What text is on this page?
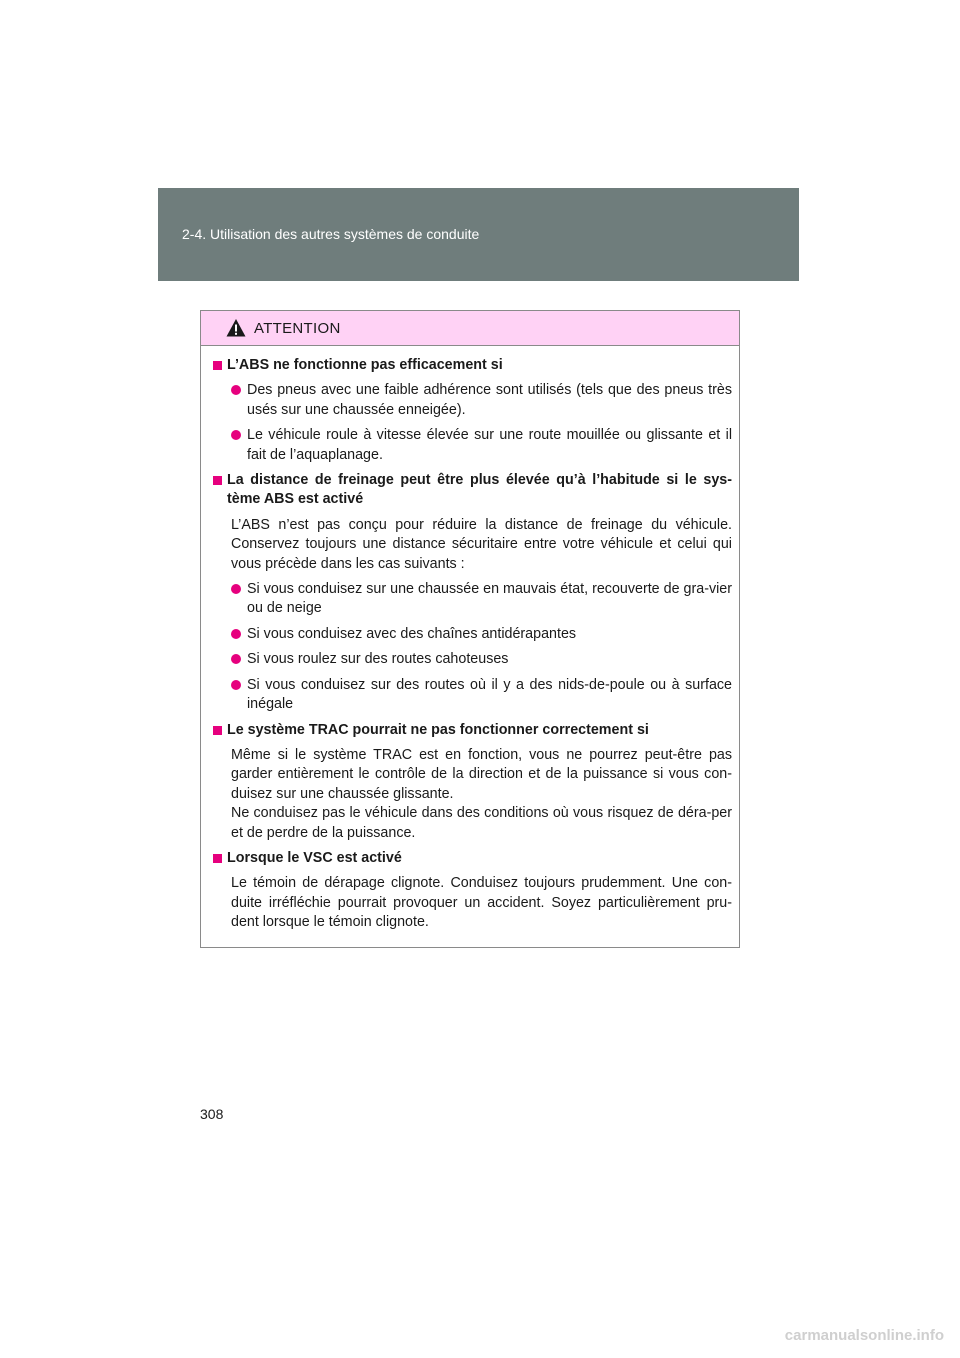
2-4. Utilisation des autres systèmes de conduite
ATTENTION
L’ABS ne fonctionne pas efficacement si
Des pneus avec une faible adhérence sont utilisés (tels que des pneus très usés sur une chaussée enneigée).
Le véhicule roule à vitesse élevée sur une route mouillée ou glissante et il fait de l’aquaplanage.
La distance de freinage peut être plus élevée qu’à l’habitude si le sys-tème ABS est activé
L’ABS n’est pas conçu pour réduire la distance de freinage du véhicule. Conservez toujours une distance sécuritaire entre votre véhicule et celui qui vous précède dans les cas suivants :
Si vous conduisez sur une chaussée en mauvais état, recouverte de gra-vier ou de neige
Si vous conduisez avec des chaînes antidérapantes
Si vous roulez sur des routes cahoteuses
Si vous conduisez sur des routes où il y a des nids-de-poule ou à surface inégale
Le système TRAC pourrait ne pas fonctionner correctement si
Même si le système TRAC est en fonction, vous ne pourrez peut-être pas garder entièrement le contrôle de la direction et de la puissance si vous con-duisez sur une chaussée glissante.
Ne conduisez pas le véhicule dans des conditions où vous risquez de déra-per et de perdre de la puissance.
Lorsque le VSC est activé
Le témoin de dérapage clignote. Conduisez toujours prudemment. Une con-duite irréfléchie pourrait provoquer un accident. Soyez particulièrement pru-dent lorsque le témoin clignote.
308
carmanualsonline.info
